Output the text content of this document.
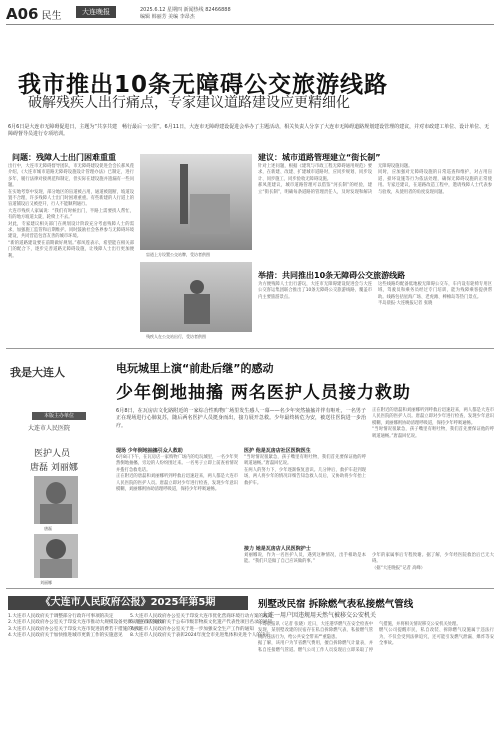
A06 民生	大连晚报	2025.6.12 星期四 新闻热线 82466888
编辑 韩丽芳 美编 李昂杰
我市推出10条无障碍公交旅游线路
破解残疾人出行痛点，专家建议道路建设应更精细化
6月6日是大连市无障碍促进日，主题为“共享共建　畅行最后一公里”。6月11日，大连市无障碍建设促进会举办了主题活动，相关负责人分享了大连市无障碍道路规划建设管理的建议，并对市政建工单位、设计单位、无障碍督导员进行专项培训。
问题：残障人士出门困难重重
出行中，大连市无障碍督导团队，市无障碍建设促进会会长郝凤莲介绍，《大连市城市道路无障碍设施设计管理办法》已制定，进行多年，履行法律对接规范和制定，但实际在建设施并遗漏有一些问题。
在实地考察中发现，部分地区的盲道被占用，通道被阻断，坡道设置不合理，许多残障人士出门时困难重重。有些新建的人行道上的盲道铺设后又被挖开，行人不能顺利通行。
大连市残疾人家属说：“我们有时候出门，半路上需要找人帮忙，有的地方坡道太陡，轮椅上不去。”
对此，专家建议相关部门在规划设计阶段充分考虑残障人士的需求，加强施工监管和后期维护。同时鼓励社会各界参与无障碍环境建设，共同营造包容友善的城市环境。
“新的道路建设要在前期做好规划。”郝凤莲表示，希望能在相关部门的配合下，逐步完善道路无障碍设施，让残障人士出行更加便利。	盲道上方设置公交站牌，受访者供图
残疾人在公交站出行，受访者供图
建议：城市道路管理建立“街长制”
针对上述问题，根据《建筑与市政工程无障碍通用规范》要求，在新建、改建、扩建城市道路时，应同步规划、同步设计、同步施工、同步验收无障碍设施。
郝凤莲建议，城市道路管理可以借鉴“河长制”的经验，建立“街长制”，明确每条道路的管理责任人，及时发现和解决无障碍设施问题。
同时，应加强对无障碍设施的日常巡查和维护，对占用盲道、损坏设施等行为依法处理，确保无障碍设施的正常使用。专家还建议，在道路改造工程中，邀请残障人士代表参与验收，从使用者的角度发现问题。
举措：共同推出10条无障碍公交旅游线路
为方便残障人士出行游玩，大连市无障碍建设促进会与大连公交客运集团联合推出了10条无障碍公交旅游线路，覆盖市内主要旅游景点。
这些线路均配备低地板无障碍公交车，车内设有轮椅专用区域，驾驶员和乘务员经过专门培训，能为残障乘客提供帮助。线路包括星海广场、老虎滩、棒棰岛等热门景点。
半岛晨报·大连晚报记者 张晓
我是大连人
本版主办单位
大连市人民医院
医护人员
唐磊 刘丽娜
唐磊
刘丽娜
电玩城里上演“前赴后继”的感动
少年倒地抽搐 两名医护人员接力救助
6月8日，在瓦房店文化路附近的一家综合性购物广场里发生感人一幕——名少年突然抽搐并伴有呕吐，一名男子正在现场进行心肺复苏，随后两名医护人员挺身而出，接力展开急救。少年最终转危为安，被送往医院进一步治疗。
现场 少年倒地抽搐引众人救助
6月8日下午，在瓦房店一家购物广场内的电玩城里，一名少年突然倒地抽搐，旁边的人纷纷围过来。一名男子立即上前查看情况并拨打急救电话。
正在附近的唐磊和刘丽娜听到呼救后迅速赶来，两人都是大连市人民医院的医护人员。唐磊立即对少年进行检查，发现少年意识模糊，刘丽娜则协助清理呼吸道，保持少年呼吸通畅。
医护 他是瓦房店社区医院医生
“当时情况很紧急，孩子嘴里有呕吐物，我们首先要保证他的呼吸道通畅。”唐磊回忆说。
在两人的努力下，少年逐渐恢复意识。几分钟后，救护车赶到现场，两人将少年的情况详细告知急救人员后，又协助将少年抬上救护车。
接力 她是瓦房店人民医院护士
刘丽娜说，作为一名医护人员，遇到这种情况，出手相助是本能。“我们只是做了自己应该做的事。”
少年的家属事后专程致谢。据了解，少年经医院救治后已无大碍。
（据“大连晚报”记者 高峰）
正在附近的唐磊和刘丽娜听到呼救后迅速赶来，两人都是大连市人民医院的医护人员。唐磊立即对少年进行检查，发现少年意识模糊，刘丽娜则协助清理呼吸道，保持少年呼吸通畅。
“当时情况很紧急，孩子嘴里有呕吐物，我们首先要保证他的呼吸道通畅。”唐磊回忆说。
《大连市人民政府公报》2025年第5期
1.大连市人民政府关于调整部分行政许可事项的决定
2.大连市人民政府办公室关于印发大连市推动大规模设备更新实施方案的通知
3.大连市人民政府办公室关于印发大连市促进消费若干措施的通知
4.大连市人民政府关于加快推进城市更新工作的实施意见
5.大连市人民政府办公室关于印发大连市优化营商环境行动方案的通知
6.大连市人民政府关于公布市级非物质文化遗产代表性项目名录的通知
7.大连市人民政府办公室关于进一步加强安全生产工作的通知
8.大连市人民政府关于表彰2024年度全市先进集体和先进个人的决定
别墅改民宿 拆除燃气表私接燃气管线
大连一用户因违规用天然气被移交公安机关
半岛晨报讯（记者 张晓）近日，大连港华燃气在安全检查中发现，某别墅改建的民宿存在私自拆除燃气表、私接燃气管线的违法行为，给公共安全带来严重隐患。
据了解，该用户为节省燃气费用，擅自拆除燃气计量表，并私自连接燃气管道。燃气公司工作人员发现后立即采取了停气措施，并将相关情况移交公安机关处理。
燃气公司提醒市民，私自改装、拆除燃气设施属于违法行为，不仅会受到法律追究，还可能引发燃气泄漏、爆炸等安全事故。
